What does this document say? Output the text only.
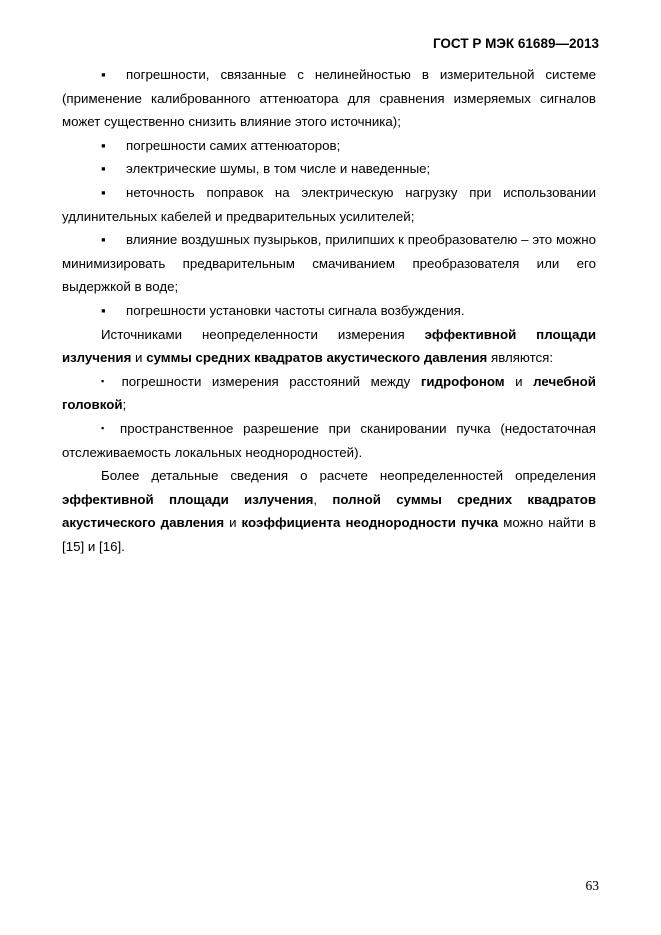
ГОСТ Р МЭК 61689—2013

▪ погрешности, связанные с нелинейностью в измерительной системе (применение калиброванного аттенюатора для сравнения измеряемых сигналов может существенно снизить влияние этого источника);

▪ погрешности самих аттенюаторов;

▪ электрические шумы, в том числе и наведенные;

▪ неточность поправок на электрическую нагрузку при использовании удлинительных кабелей и предварительных усилителей;

▪ влияние воздушных пузырьков, прилипших к преобразователю – это можно минимизировать предварительным смачиванием преобразователя или его выдержкой в воде;

▪ погрешности установки частоты сигнала возбуждения.

Источниками неопределенности измерения эффективной площади излучения и суммы средних квадратов акустического давления являются:

▪ погрешности измерения расстояний между гидрофоном и лечебной головкой;

▪ пространственное разрешение при сканировании пучка (недостаточная отслеживаемость локальных неоднородностей).

Более детальные сведения о расчете неопределенностей определения эффективной площади излучения, полной суммы средних квадратов акустического давления и коэффициента неоднородности пучка можно найти в [15] и [16].

63
